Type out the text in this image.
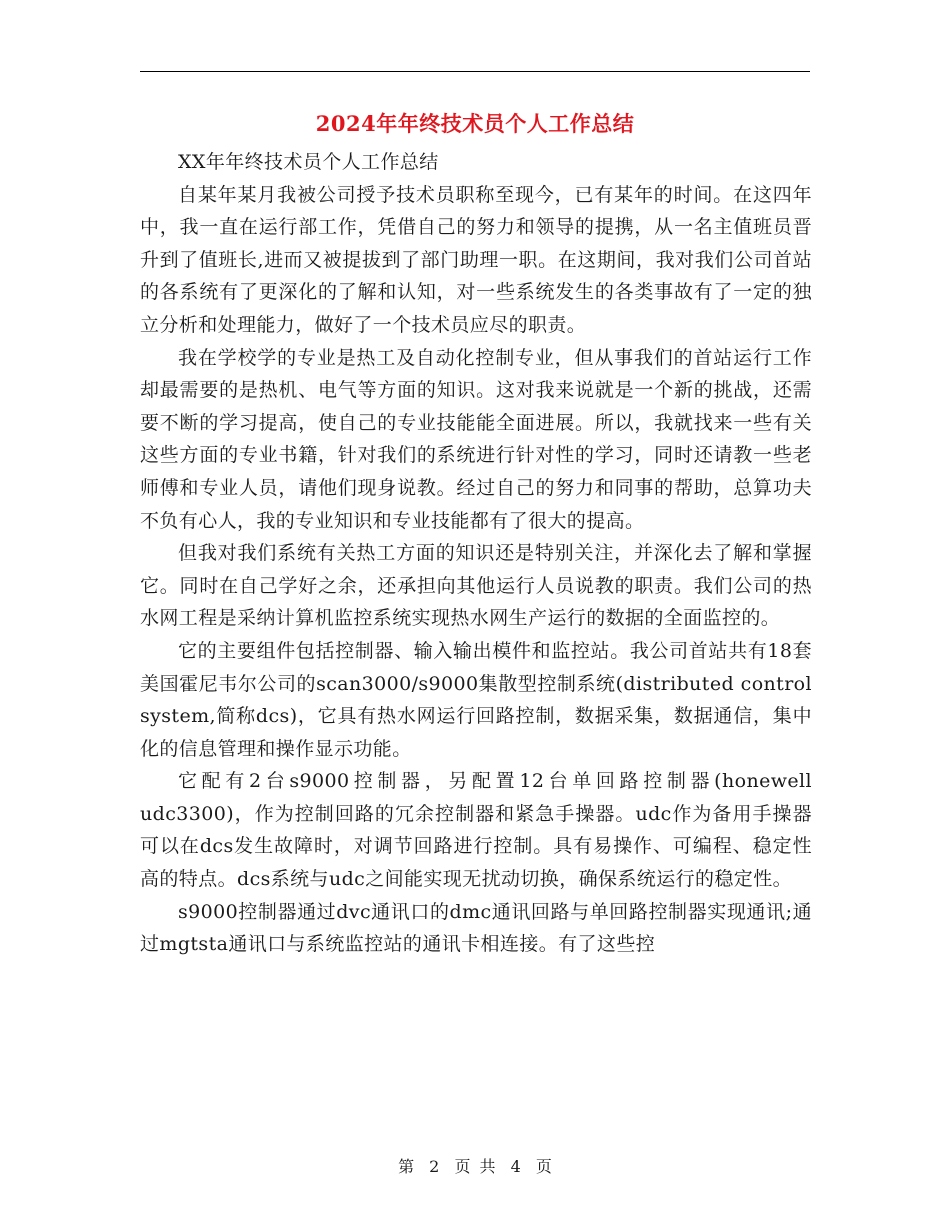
2024年年终技术员个人工作总结

XX年年终技术员个人工作总结

自某年某月我被公司授予技术员职称至现今，已有某年的时间。在这四年中，我一直在运行部工作，凭借自己的努力和领导的提携，从一名主值班员晋升到了值班长,进而又被提拔到了部门助理一职。在这期间，我对我们公司首站的各系统有了更深化的了解和认知，对一些系统发生的各类事故有了一定的独立分析和处理能力，做好了一个技术员应尽的职责。

我在学校学的专业是热工及自动化控制专业，但从事我们的首站运行工作却最需要的是热机、电气等方面的知识。这对我来说就是一个新的挑战，还需要不断的学习提高，使自己的专业技能能全面进展。所以，我就找来一些有关这些方面的专业书籍，针对我们的系统进行针对性的学习，同时还请教一些老师傅和专业人员，请他们现身说教。经过自己的努力和同事的帮助，总算功夫不负有心人，我的专业知识和专业技能都有了很大的提高。

但我对我们系统有关热工方面的知识还是特别关注，并深化去了解和掌握它。同时在自己学好之余，还承担向其他运行人员说教的职责。我们公司的热水网工程是采纳计算机监控系统实现热水网生产运行的数据的全面监控的。

它的主要组件包括控制器、输入输出模件和监控站。我公司首站共有18套美国霍尼韦尔公司的scan3000/s9000集散型控制系统(distributed control system,简称dcs)，它具有热水网运行回路控制，数据采集，数据通信，集中化的信息管理和操作显示功能。

它配有2台s9000控制器，另配置12台单回路控制器(honewell udc3300)，作为控制回路的冗余控制器和紧急手操器。udc作为备用手操器可以在dcs发生故障时，对调节回路进行控制。具有易操作、可编程、稳定性高的特点。dcs系统与udc之间能实现无扰动切换，确保系统运行的稳定性。

s9000控制器通过dvc通讯口的dmc通讯回路与单回路控制器实现通讯;通过mgtsta通讯口与系统监控站的通讯卡相连接。有了这些控

第 2 页 共 4 页
